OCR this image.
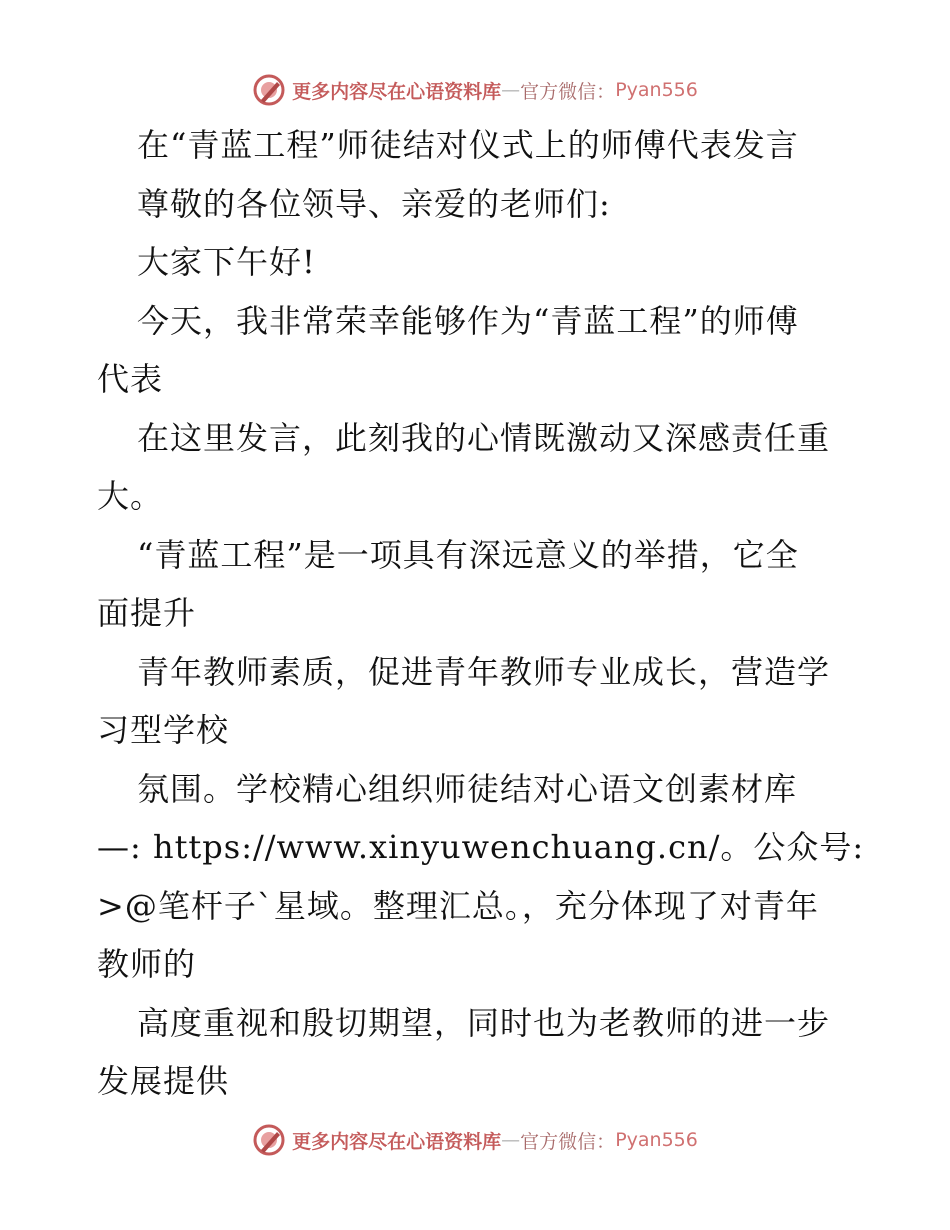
更多内容尽在心语资料库 — 官方微信： Pyan556
在“青蓝工程”师徒结对仪式上的师傅代表发言
尊敬的各位领导、亲爱的老师们:
大家下午好!
今天，我非常荣幸能够作为“青蓝工程”的师傅
代表
在这里发言，此刻我的心情既激动又深感责任重
大。
“青蓝工程”是一项具有深远意义的举措，它全
面提升
青年教师素质，促进青年教师专业成长，营造学
习型学校
氛围。学校精心组织师徒结对心语文创素材库
—: https://www.xinyuwenchuang.cn/。公众号:
>@笔杆子`星域。整理汇总。，充分体现了对青年
教师的
高度重视和殷切期望，同时也为老教师的进一步
发展提供
更多内容尽在心语资料库 — 官方微信： Pyan556
